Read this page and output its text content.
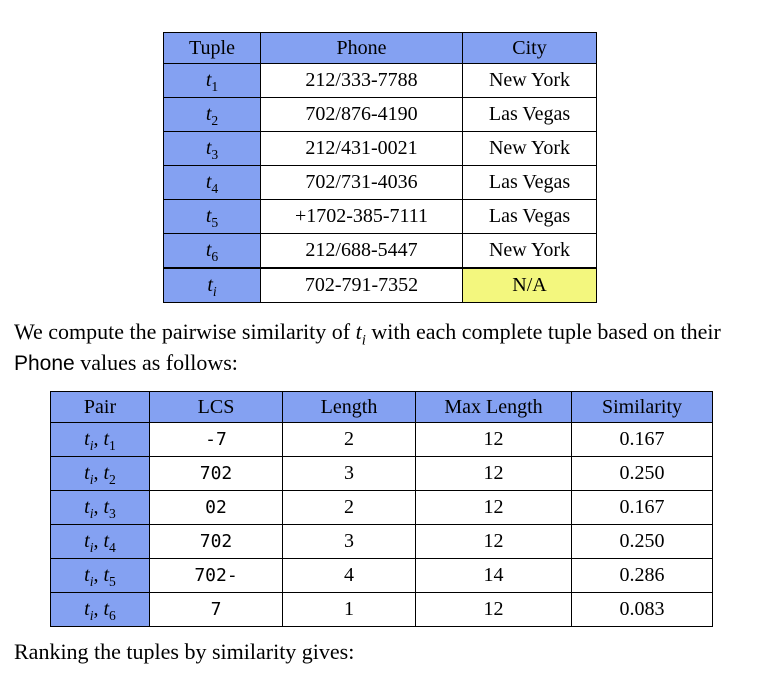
Tuple	Phone	City
$t_1$	212/333-7788	New York
$t_2$	702/876-4190	Las Vegas
$t_3$	212/431-0021	New York
$t_4$	702/731-4036	Las Vegas
$t_5$	+1702-385-7111	Las Vegas
$t_6$	212/688-5447	New York
$t_i$	702-791-7352	N/A

We compute the pairwise similarity of $t_i$ with each complete tuple based on their Phone values as follows:

Pair	LCS	Length	Max Length	Similarity
$t_i$, $t_1$	-7	2	12	0.167
$t_i$, $t_2$	702	3	12	0.250
$t_i$, $t_3$	02	2	12	0.167
$t_i$, $t_4$	702	3	12	0.250
$t_i$, $t_5$	702-	4	14	0.286
$t_i$, $t_6$	7	1	12	0.083

Ranking the tuples by similarity gives:
